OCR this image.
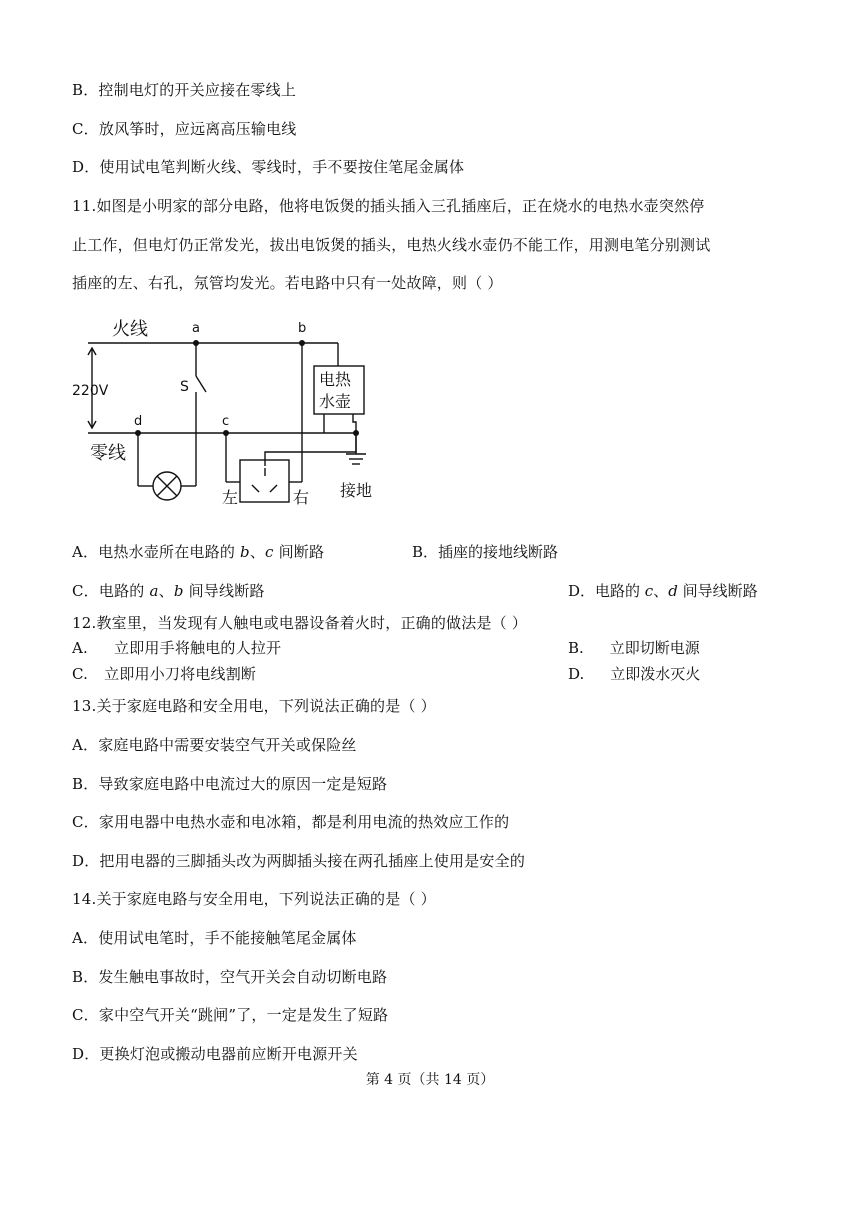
B．控制电灯的开关应接在零线上
C．放风筝时，应远离高压输电线
D．使用试电笔判断火线、零线时，手不要按住笔尾金属体
11.如图是小明家的部分电路，他将电饭煲的插头插入三孔插座后，正在烧水的电热水壶突然停
止工作，但电灯仍正常发光，拔出电饭煲的插头，电热火线水壶仍不能工作，用测电笔分别测试
插座的左、右孔，氖管均发光。若电路中只有一处故障，则（ ）
火线
零线
220V
a	b
c
d
S	电热
水壶
左	右 接地
A．电热水壶所在电路的 b、c 间断路	B．插座的接地线断路
C．电路的 a、b 间导线断路	D．电路的 c、d 间导线断路
12.教室里，当发现有人触电或电器设备着火时，正确的做法是（ ）
A. 立即用手将触电的人拉开	B. 立即切断电源
C. 立即用小刀将电线割断	D. 立即泼水灭火
13.关于家庭电路和安全用电，下列说法正确的是（ ）
A．家庭电路中需要安装空气开关或保险丝
B．导致家庭电路中电流过大的原因一定是短路
C．家用电器中电热水壶和电冰箱，都是利用电流的热效应工作的
D．把用电器的三脚插头改为两脚插头接在两孔插座上使用是安全的
14.关于家庭电路与安全用电，下列说法正确的是（ ）
A．使用试电笔时，手不能接触笔尾金属体
B．发生触电事故时，空气开关会自动切断电路
C．家中空气开关“跳闸”了，一定是发生了短路
D．更换灯泡或搬动电器前应断开电源开关
第 4 页（共 14 页）
